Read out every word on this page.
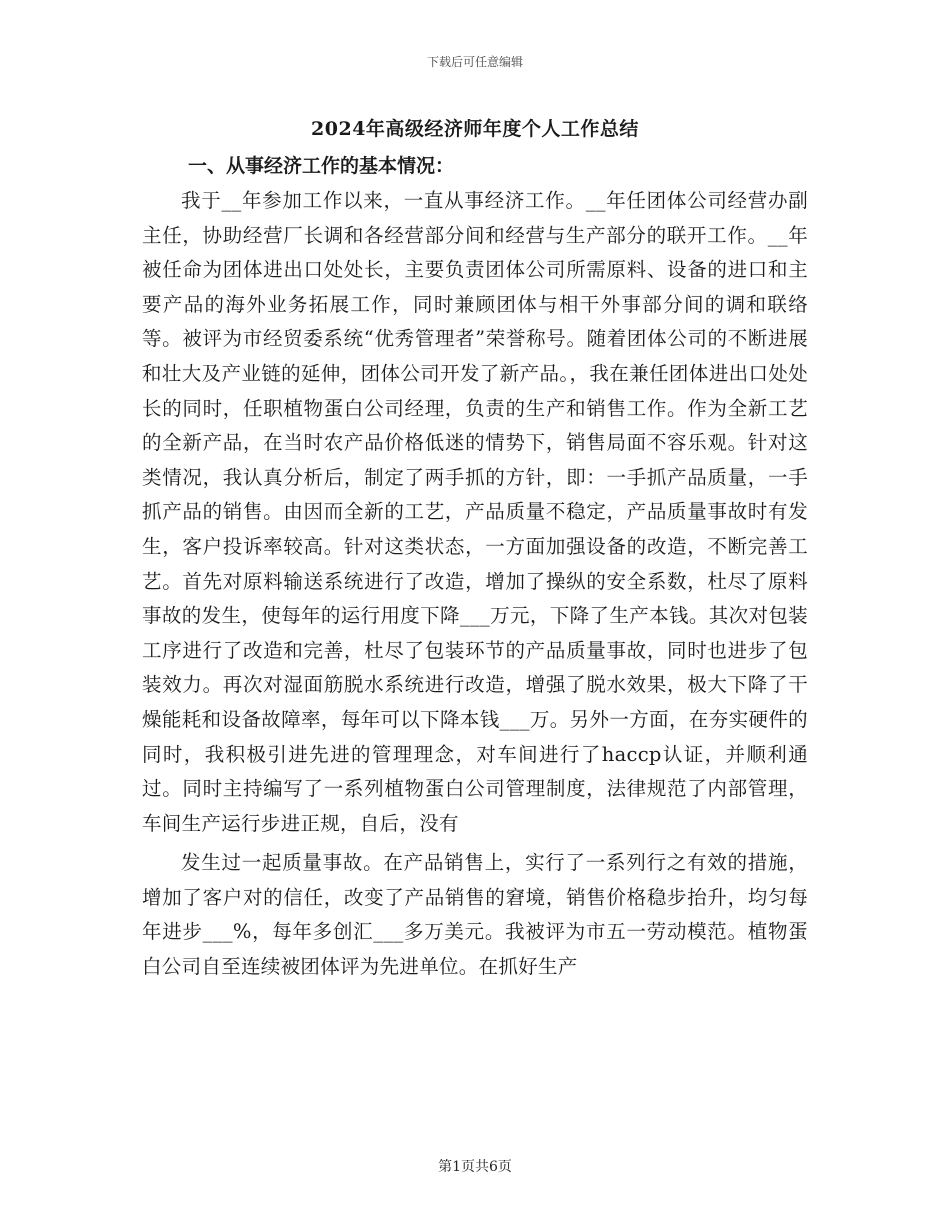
下载后可任意编辑
2024年高级经济师年度个人工作总结
一、从事经济工作的基本情况：

我于__年参加工作以来，一直从事经济工作。__年任团体公司经营办副主任，协助经营厂长调和各经营部分间和经营与生产部分的联开工作。__年被任命为团体进出口处处长，主要负责团体公司所需原料、设备的进口和主要产品的海外业务拓展工作，同时兼顾团体与相干外事部分间的调和联络等。被评为市经贸委系统“优秀管理者”荣誉称号。随着团体公司的不断进展和壮大及产业链的延伸，团体公司开发了新产品。，我在兼任团体进出口处处长的同时，任职植物蛋白公司经理，负责的生产和销售工作。作为全新工艺的全新产品，在当时农产品价格低迷的情势下，销售局面不容乐观。针对这类情况，我认真分析后，制定了两手抓的方针，即：一手抓产品质量，一手抓产品的销售。由因而全新的工艺，产品质量不稳定，产品质量事故时有发生，客户投诉率较高。针对这类状态，一方面加强设备的改造，不断完善工艺。首先对原料输送系统进行了改造，增加了操纵的安全系数，杜尽了原料事故的发生，使每年的运行用度下降___万元，下降了生产本钱。其次对包装工序进行了改造和完善，杜尽了包装环节的产品质量事故，同时也进步了包装效力。再次对湿面筋脱水系统进行改造，增强了脱水效果，极大下降了干燥能耗和设备故障率，每年可以下降本钱___万。另外一方面，在夯实硬件的同时，我积极引进先进的管理理念，对车间进行了haccp认证，并顺利通过。同时主持编写了一系列植物蛋白公司管理制度，法律规范了内部管理，车间生产运行步进正规，自后，没有

发生过一起质量事故。在产品销售上，实行了一系列行之有效的措施，增加了客户对的信任，改变了产品销售的窘境，销售价格稳步抬升，均匀每年进步___%，每年多创汇___多万美元。我被评为市五一劳动模范。植物蛋白公司自至连续被团体评为先进单位。在抓好生产

第1页共6页
